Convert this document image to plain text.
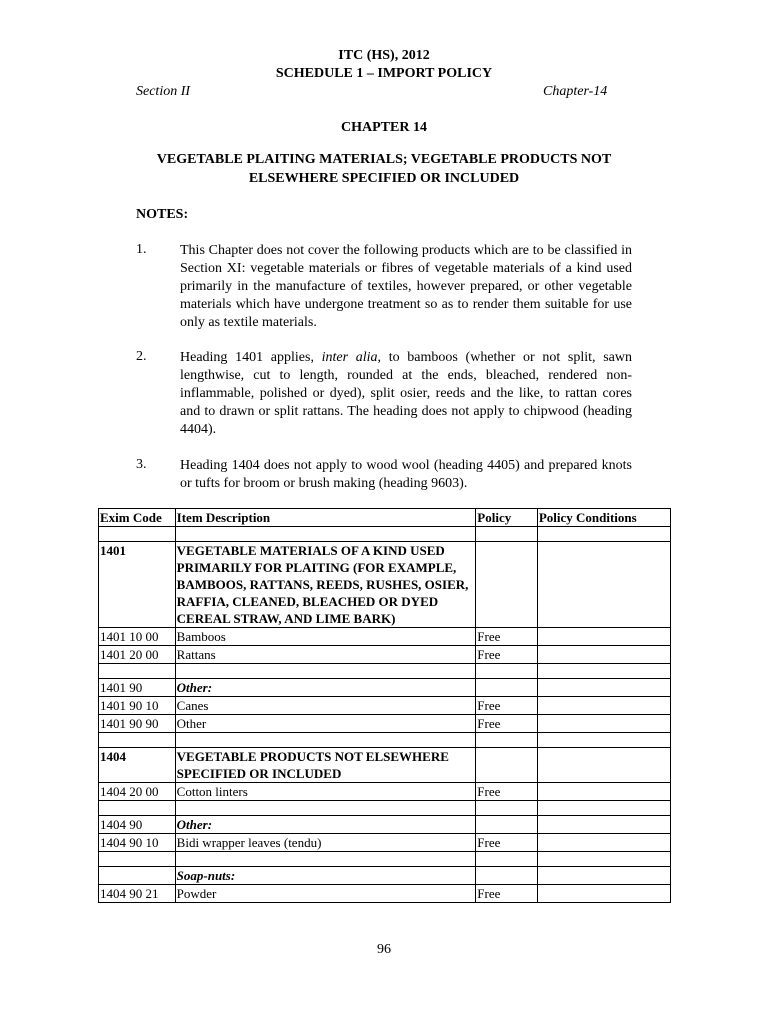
ITC (HS), 2012
SCHEDULE 1 – IMPORT POLICY
Section II	Chapter-14
CHAPTER 14
VEGETABLE PLAITING MATERIALS; VEGETABLE PRODUCTS NOT
ELSEWHERE SPECIFIED OR INCLUDED
NOTES:
1. This Chapter does not cover the following products which are to be classified in Section XI: vegetable materials or fibres of vegetable materials of a kind used primarily in the manufacture of textiles, however prepared, or other vegetable materials which have undergone treatment so as to render them suitable for use only as textile materials.
2. Heading 1401 applies, inter alia, to bamboos (whether or not split, sawn lengthwise, cut to length, rounded at the ends, bleached, rendered non-inflammable, polished or dyed), split osier, reeds and the like, to rattan cores and to drawn or split rattans. The heading does not apply to chipwood (heading 4404).
3. Heading 1404 does not apply to wood wool (heading 4405) and prepared knots or tufts for broom or brush making (heading 9603).
Exim Code	Item Description	Policy	Policy Conditions

1401	VEGETABLE MATERIALS OF A KIND USED PRIMARILY FOR PLAITING (FOR EXAMPLE, BAMBOOS, RATTANS, REEDS, RUSHES, OSIER, RAFFIA, CLEANED, BLEACHED OR DYED CEREAL STRAW, AND LIME BARK)		
1401 10 00	Bamboos	Free	
1401 20 00	Rattans	Free	

1401 90	Other:		
1401 90 10	Canes	Free	
1401 90 90	Other	Free	

1404	VEGETABLE PRODUCTS NOT ELSEWHERE SPECIFIED OR INCLUDED		
1404 20 00	Cotton linters	Free	

1404 90	Other:		
1404 90 10	Bidi wrapper leaves (tendu)	Free	

	Soap-nuts:		
1404 90 21	Powder	Free	
96
